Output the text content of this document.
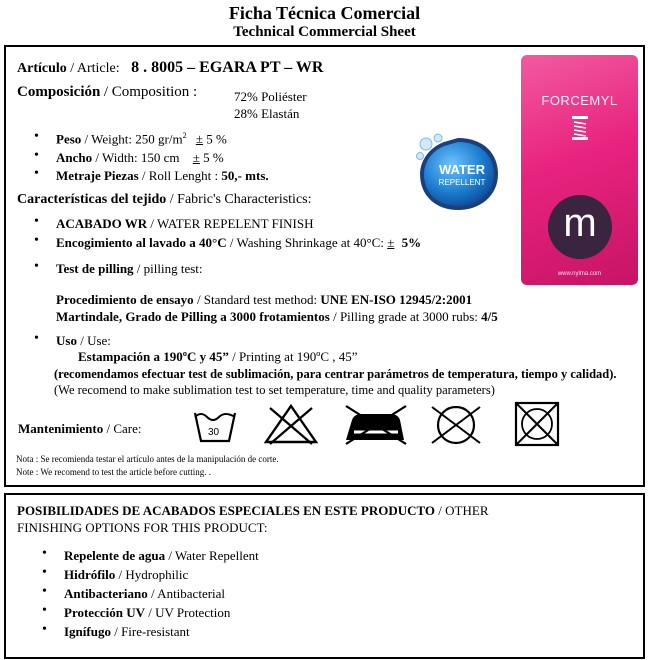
Ficha Técnica Comercial
Technical Commercial Sheet
Artículo / Article: 8 . 8005 – EGARA PT – WR
Composición / Composition :	72% Poliéster
28% Elastán
• Peso / Weight: 250 $gr/m^2 \pm 5$ %
• Ancho / Width: 150 cm ± 5 %
• Metraje Piezas / Roll Lenght : 50,- mts.
Características del tejido / Fabric's Characteristics:
• ACABADO WR / WATER REPELENT FINISH
• Encogimiento al lavado a 40°C / Washing Shrinkage at 40°C: ± 5%
• Test de pilling / pilling test:
Procedimiento de ensayo / Standard test method: UNE EN-ISO 12945/2:2001
Martindale, Grado de Pilling a 3000 frotamientos / Pilling grade at 3000 rubs: 4/5
• Uso / Use:
Estampación a 190ºC y 45” / Printing at 190ºC , 45”
(recomendamos efectuar test de sublimación, para centrar parámetros de temperatura, tiempo y calidad). (We recomend to make sublimation test to set temperature, time and quality parameters)
Mantenimiento / Care:	30
Nota : Se recomienda testar el artículo antes de la manipulación de corte.
Note : We recomend to test the article before cutting. .
WATER
REPELLENT
FORCEMYL
m
www.nylma.com
POSIBILIDADES DE ACABADOS ESPECIALES EN ESTE PRODUCTO / OTHER
FINISHING OPTIONS FOR THIS PRODUCT:
• Repelente de agua / Water Repellent
• Hidrófilo / Hydrophilic
• Antibacteriano / Antibacterial
• Protección UV / UV Protection
• Ignífugo / Fire-resistant
